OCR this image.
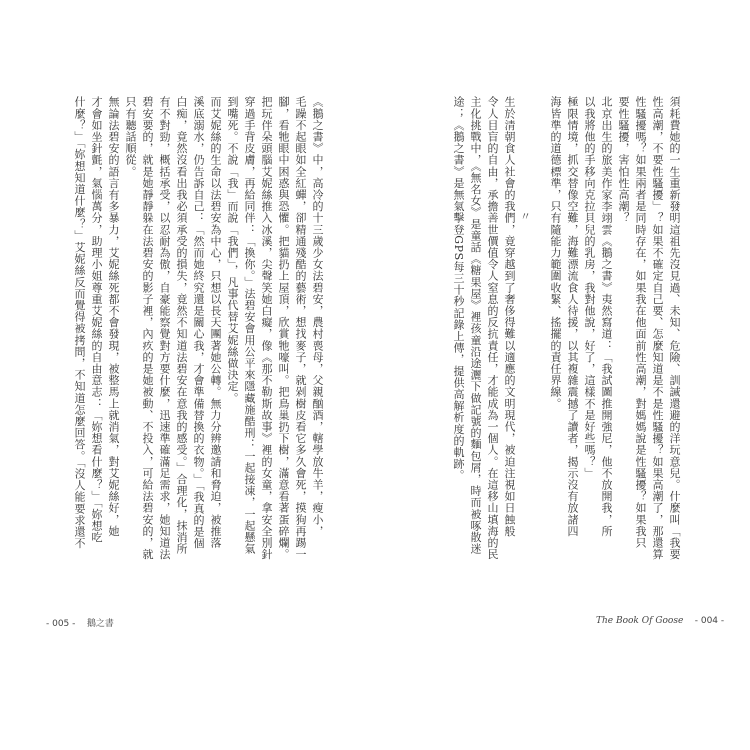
《鵝之書》中，高冷的十三歲少女法碧安，農村喪母，父親酗酒，轄學放牛羊，瘦小，
毛躁不起眼如全紅蟬，卻精通殘酷的藝術，想找麥子，就剁樹皮看它多久會死，摸狗再踢一
腳，看牠眼中困惑與恐懼。把貓扔上屋頂，欣賞牠嚎叫。把鳥巢扔下樹，滿意看著蛋碎爛。
把玩伴朵頭腦艾妮絲推入冰溪，尖聲笑她白癡，像《那不勒斯故事》裡的女童，拿安全別針
穿過手背皮膚，再給同伴：「換你。」法碧安會用公平來隱藏施酷刑：一起接凍，一起懸氣
到嘴死。不說「我」而說「我們」，凡事代替艾妮絲做決定。
而艾妮絲的生命以法碧安為中心，只想以長天團著她公轉。無力分辨邀請和脅迫，被推落
溪底溺水，仍告訴自己：「然而她終究還是關心我，才會準備替換的衣物。」「我真的是個
白痴，竟然沒看出我必須承受的損失，竟然不知道法碧安在意我的感受。」合理化，抹消所
有不對勁，概括承受，以忍耐為傲，自豪能察覺對方要什麼，迅速準確滿足需求，她知道法
碧安要的，就是她靜靜躲在法碧安的影子裡，內疚的是她被動、不投入，可給法碧安的，就
只有聽話順從。
無論法碧安的語言有多暴力，艾妮絲死都不會發現，被整馬上就消氣，對艾妮絲好，她
才會如坐針氈，氣惱萬分，助理小姐尊重艾妮絲的自由意志：「妳想看什麼？」「妳想吃
什麼？」「妳想知道什麼？」艾妮絲反而覺得被拷問，不知道怎麼回答。「沒人能要求還不	須耗費她的一生重新發明這祖先沒見過、未知、危險、訓誡還避的洋玩意兒。什麼叫「我要
性高潮，不要性騷擾」？如果不確定自己要、怎麼知道是不是性騷擾？如果高潮了，那還算
性騷擾嗎？如果兩者是同時存在，如果我在他面前性高潮，對媽媽說是性騷擾？如果我只
要性騷擾，害怕性高潮？
北京出生的旅美作家李翊雲《鵝之書》夷然寫道：「我試圖推開強尼，他不放開我，所
以我將他的手移向克拉貝兒的乳房，我對他說，好了，這樣不是好些嗎？」
極限情境，抓交替像空難，海難漂流食人待援，以其複雜震撼了讀者，揭示沒有放諸四
海皆準的道德標準，只有隨能力範圍收緊、搖擺的責任界線。
生於清朝食人社會的我們，竟穿越到了奢侈得難以適應的文明現代，被迫注視如日蝕般
令人目盲的自由，承擔善世價值令人窒息的反抗責任，才能成為一個人。在這移山填海的民
主化挑戰中，《無名女》是童話《糖果屋》裡孩童沿途灑下做記號的麵包屑，時而被啄散迷
途；《鵝之書》是無氣擊登GPS每三十秒記錄上傳，提供高解析度的軌跡。	〃
- 005 - 鵝之書	The Book Of Goose - 004 -
